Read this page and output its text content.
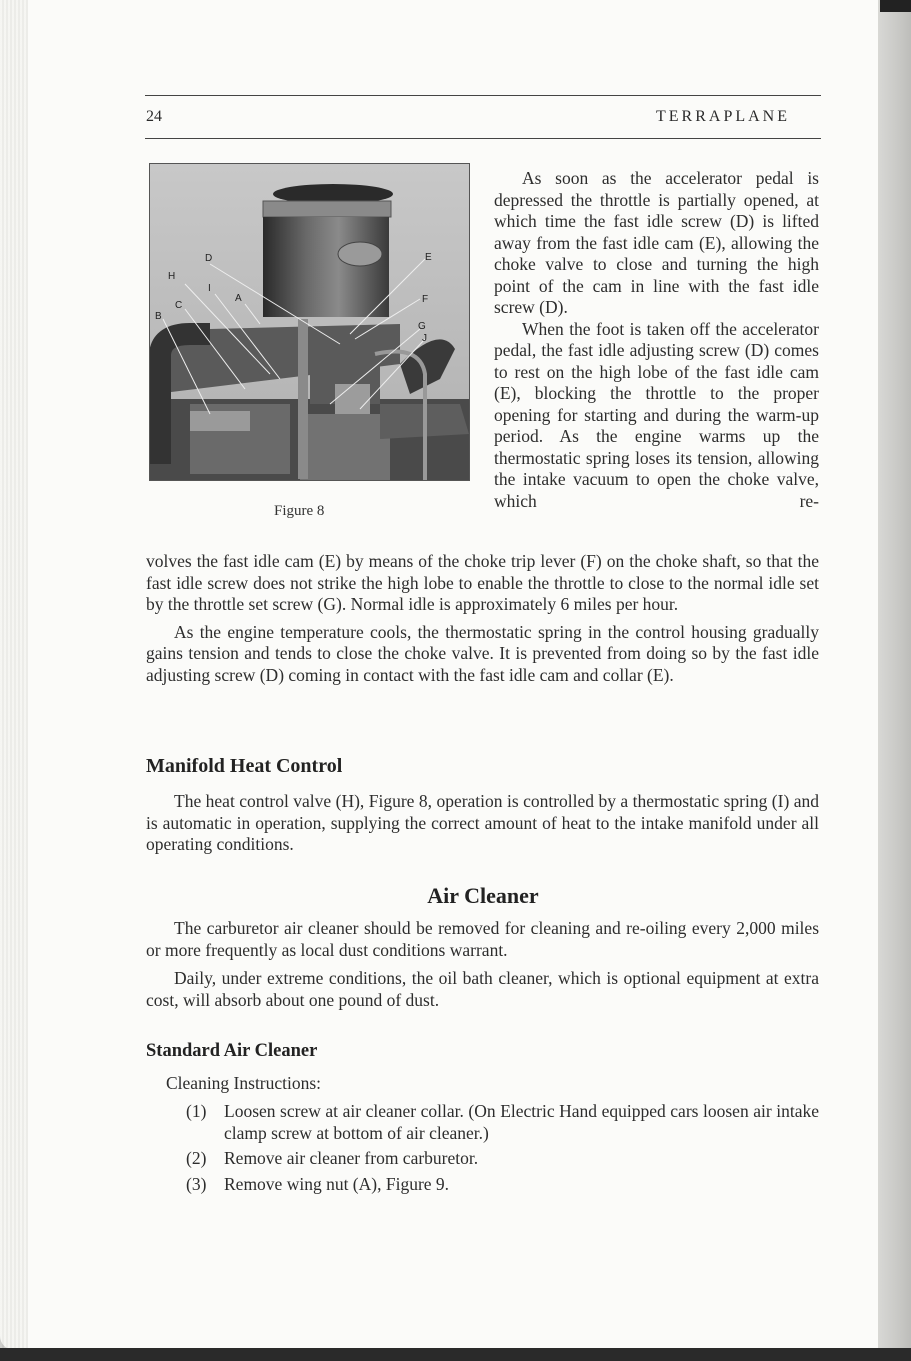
24	TERRAPLANE
D
H
I
A
C
B
E
F
G
J
Figure 8

As soon as the accelerator pedal is depressed the throttle is partially opened, at which time the fast idle screw (D) is lifted away from the fast idle cam (E), allowing the choke valve to close and turning the high point of the cam in line with the fast idle screw (D).

When the foot is taken off the accelerator pedal, the fast idle adjusting screw (D) comes to rest on the high lobe of the fast idle cam (E), blocking the throttle to the proper opening for starting and during the warm-up period. As the engine warms up the thermostatic spring loses its tension, allowing the intake vacuum to open the choke valve, which re-

volves the fast idle cam (E) by means of the choke trip lever (F) on the choke shaft, so that the fast idle screw does not strike the high lobe to enable the throttle to close to the normal idle set by the throttle set screw (G). Normal idle is approximately 6 miles per hour.

As the engine temperature cools, the thermostatic spring in the control housing gradually gains tension and tends to close the choke valve. It is prevented from doing so by the fast idle adjusting screw (D) coming in contact with the fast idle cam and collar (E).

Manifold Heat Control

The heat control valve (H), Figure 8, operation is controlled by a thermostatic spring (I) and is automatic in operation, supplying the correct amount of heat to the intake manifold under all operating conditions.

Air Cleaner

The carburetor air cleaner should be removed for cleaning and re-oiling every 2,000 miles or more frequently as local dust conditions warrant.

Daily, under extreme conditions, the oil bath cleaner, which is optional equipment at extra cost, will absorb about one pound of dust.

Standard Air Cleaner

Cleaning Instructions:

(1)	Loosen screw at air cleaner collar. (On Electric Hand equipped cars loosen air intake clamp screw at bottom of air cleaner.)
(2)	Remove air cleaner from carburetor.
(3)	Remove wing nut (A), Figure 9.
